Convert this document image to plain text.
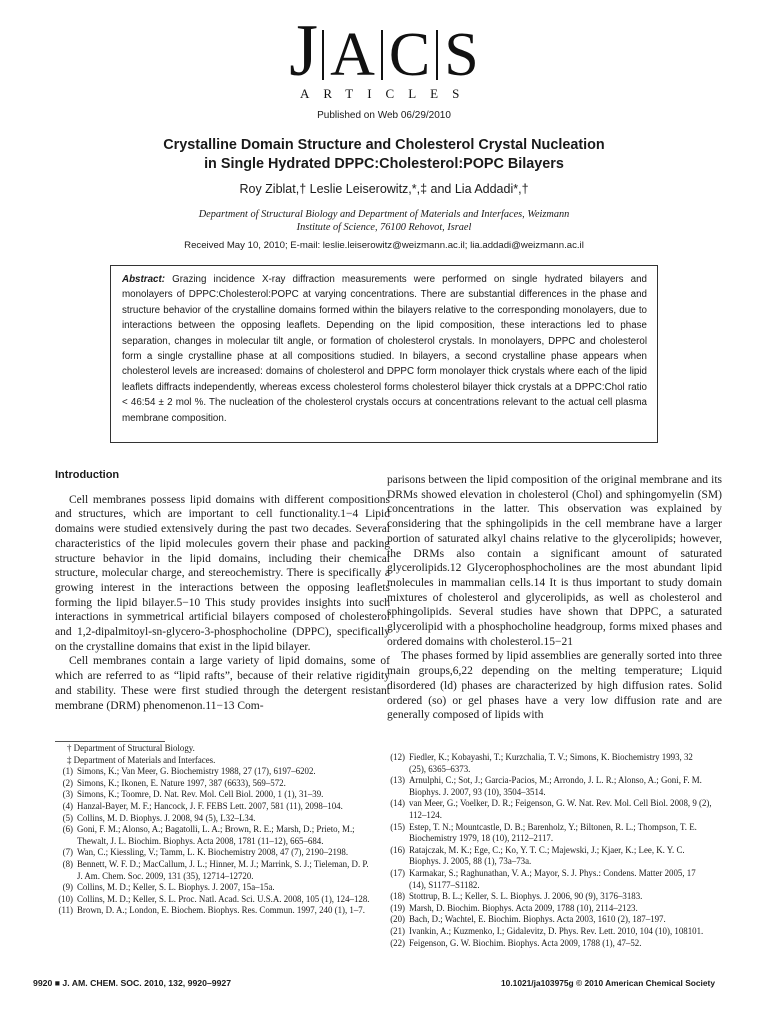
J A C S
ARTICLES
Published on Web 06/29/2010
Crystalline Domain Structure and Cholesterol Crystal Nucleation
in Single Hydrated DPPC:Cholesterol:POPC Bilayers
Roy Ziblat,† Leslie Leiserowitz,*,‡ and Lia Addadi*,†
Department of Structural Biology and Department of Materials and Interfaces, Weizmann
Institute of Science, 76100 Rehovot, Israel
Received May 10, 2010; E-mail: leslie.leiserowitz@weizmann.ac.il; lia.addadi@weizmann.ac.il
Abstract: Grazing incidence X-ray diffraction measurements were performed on single hydrated bilayers and monolayers of DPPC:Cholesterol:POPC at varying concentrations. There are substantial differences in the phase and structure behavior of the crystalline domains formed within the bilayers relative to the corresponding monolayers, due to interactions between the opposing leaflets. Depending on the lipid composition, these interactions led to phase separation, changes in molecular tilt angle, or formation of cholesterol crystals. In monolayers, DPPC and cholesterol form a single crystalline phase at all compositions studied. In bilayers, a second crystalline phase appears when cholesterol levels are increased: domains of cholesterol and DPPC form monolayer thick crystals where each of the lipid leaflets diffracts independently, whereas excess cholesterol forms cholesterol bilayer thick crystals at a DPPC:Chol ratio < 46:54 ± 2 mol %. The nucleation of the cholesterol crystals occurs at concentrations relevant to the actual cell plasma membrane composition.

Introduction

Cell membranes possess lipid domains with different compositions and structures, which are important to cell functionality.1−4 Lipid domains were studied extensively during the past two decades. Several characteristics of the lipid molecules govern their phase and packing structure behavior in the lipid domains, including their chemical structure, molecular charge, and stereochemistry. There is specifically a growing interest in the interactions between the opposing leaflets forming the lipid bilayer.5−10 This study provides insights into such interactions in symmetrical artificial bilayers composed of cholesterol and 1,2-dipalmitoyl-sn-glycero-3-phosphocholine (DPPC), specifically on the crystalline domains that exist in the lipid bilayer.

Cell membranes contain a large variety of lipid domains, some of which are referred to as “lipid rafts”, because of their relative rigidity and stability. These were first studied through the detergent resistant membrane (DRM) phenomenon.11−13 Com-

parisons between the lipid composition of the original membrane and its DRMs showed elevation in cholesterol (Chol) and sphingomyelin (SM) concentrations in the latter. This observation was explained by considering that the sphingolipids in the cell membrane have a larger portion of saturated alkyl chains relative to the glycerolipids; however, the DRMs also contain a significant amount of saturated glycerolipids.12 Glycerophosphocholines are the most abundant lipid molecules in mammalian cells.14 It is thus important to study domain mixtures of cholesterol and glycerolipids, as well as cholesterol and sphingolipids. Several studies have shown that DPPC, a saturated glycerolipid with a phosphocholine headgroup, forms mixed phases and ordered domains with cholesterol.15−21

The phases formed by lipid assemblies are generally sorted into three main groups,6,22 depending on the melting temperature; Liquid disordered (ld) phases are characterized by high diffusion rates. Solid ordered (so) or gel phases have a very low diffusion rate and are generally composed of lipids with

† Department of Structural Biology.
‡ Department of Materials and Interfaces.
(1) Simons, K.; Van Meer, G. Biochemistry 1988, 27 (17), 6197–6202.
(2) Simons, K.; Ikonen, E. Nature 1997, 387 (6633), 569–572.
(3) Simons, K.; Toomre, D. Nat. Rev. Mol. Cell Biol. 2000, 1 (1), 31–39.
(4) Hanzal-Bayer, M. F.; Hancock, J. F. FEBS Lett. 2007, 581 (11), 2098–104.
(5) Collins, M. D. Biophys. J. 2008, 94 (5), L32–L34.
(6) Goni, F. M.; Alonso, A.; Bagatolli, L. A.; Brown, R. E.; Marsh, D.; Prieto, M.; Thewalt, J. L. Biochim. Biophys. Acta 2008, 1781 (11–12), 665–684.
(7) Wan, C.; Kiessling, V.; Tamm, L. K. Biochemistry 2008, 47 (7), 2190–2198.
(8) Bennett, W. F. D.; MacCallum, J. L.; Hinner, M. J.; Marrink, S. J.; Tieleman, D. P. J. Am. Chem. Soc. 2009, 131 (35), 12714–12720.
(9) Collins, M. D.; Keller, S. L. Biophys. J. 2007, 15a–15a.
(10) Collins, M. D.; Keller, S. L. Proc. Natl. Acad. Sci. U.S.A. 2008, 105 (1), 124–128.
(11) Brown, D. A.; London, E. Biochem. Biophys. Res. Commun. 1997, 240 (1), 1–7.
(12) Fiedler, K.; Kobayashi, T.; Kurzchalia, T. V.; Simons, K. Biochemistry 1993, 32 (25), 6365–6373.
(13) Arnulphi, C.; Sot, J.; Garcia-Pacios, M.; Arrondo, J. L. R.; Alonso, A.; Goni, F. M. Biophys. J. 2007, 93 (10), 3504–3514.
(14) van Meer, G.; Voelker, D. R.; Feigenson, G. W. Nat. Rev. Mol. Cell Biol. 2008, 9 (2), 112–124.
(15) Estep, T. N.; Mountcastle, D. B.; Barenholz, Y.; Biltonen, R. L.; Thompson, T. E. Biochemistry 1979, 18 (10), 2112–2117.
(16) Ratajczak, M. K.; Ege, C.; Ko, Y. T. C.; Majewski, J.; Kjaer, K.; Lee, K. Y. C. Biophys. J. 2005, 88 (1), 73a–73a.
(17) Karmakar, S.; Raghunathan, V. A.; Mayor, S. J. Phys.: Condens. Matter 2005, 17 (14), S1177–S1182.
(18) Stottrup, B. L.; Keller, S. L. Biophys. J. 2006, 90 (9), 3176–3183.
(19) Marsh, D. Biochim. Biophys. Acta 2009, 1788 (10), 2114–2123.
(20) Bach, D.; Wachtel, E. Biochim. Biophys. Acta 2003, 1610 (2), 187–197.
(21) Ivankin, A.; Kuzmenko, I.; Gidalevitz, D. Phys. Rev. Lett. 2010, 104 (10), 108101.
(22) Feigenson, G. W. Biochim. Biophys. Acta 2009, 1788 (1), 47–52.
9920 ■ J. AM. CHEM. SOC. 2010, 132, 9920–9927	10.1021/ja103975g © 2010 American Chemical Society
